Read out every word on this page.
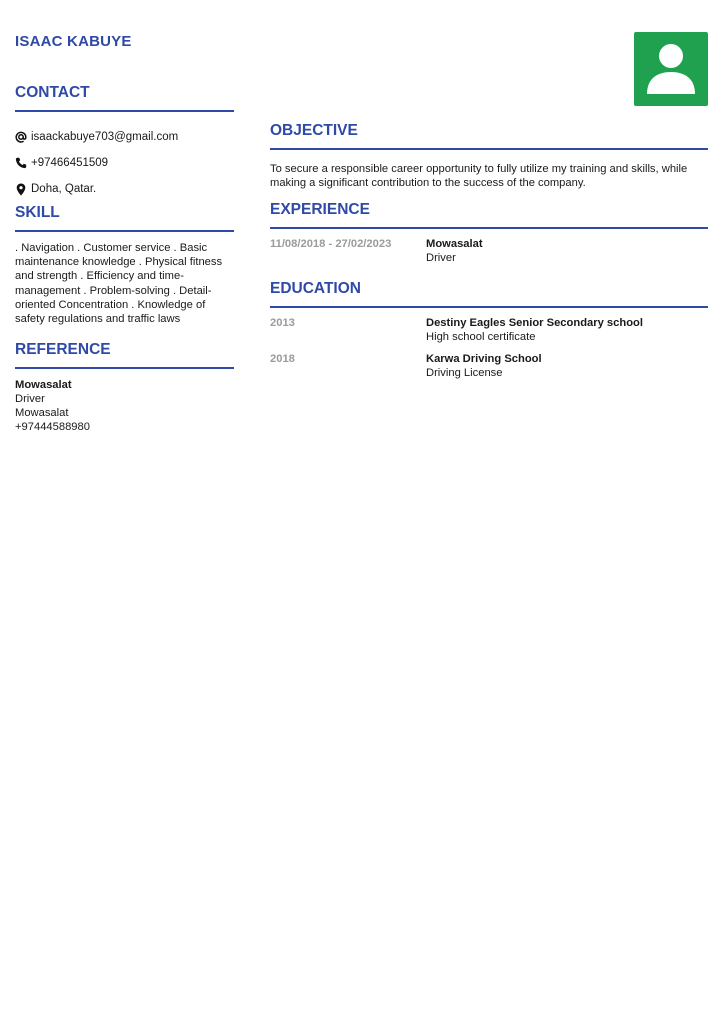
ISAAC KABUYE
CONTACT
isaackabuye703@gmail.com
+97466451509
Doha, Qatar.
SKILL

. Navigation . Customer service . Basic maintenance knowledge . Physical fitness and strength . Efficiency and time-management . Problem-solving . Detail-oriented Concentration . Knowledge of safety regulations and traffic laws

REFERENCE
Mowasalat
Driver
Mowasalat
+97444588980
OBJECTIVE

To secure a responsible career opportunity to fully utilize my training and skills, while making a significant contribution to the success of the company.

EXPERIENCE
11/08/2018 - 27/02/2023	Mowasalat
Driver
EDUCATION
2013	Destiny Eagles Senior Secondary school
High school certificate
2018	Karwa Driving School
Driving License
